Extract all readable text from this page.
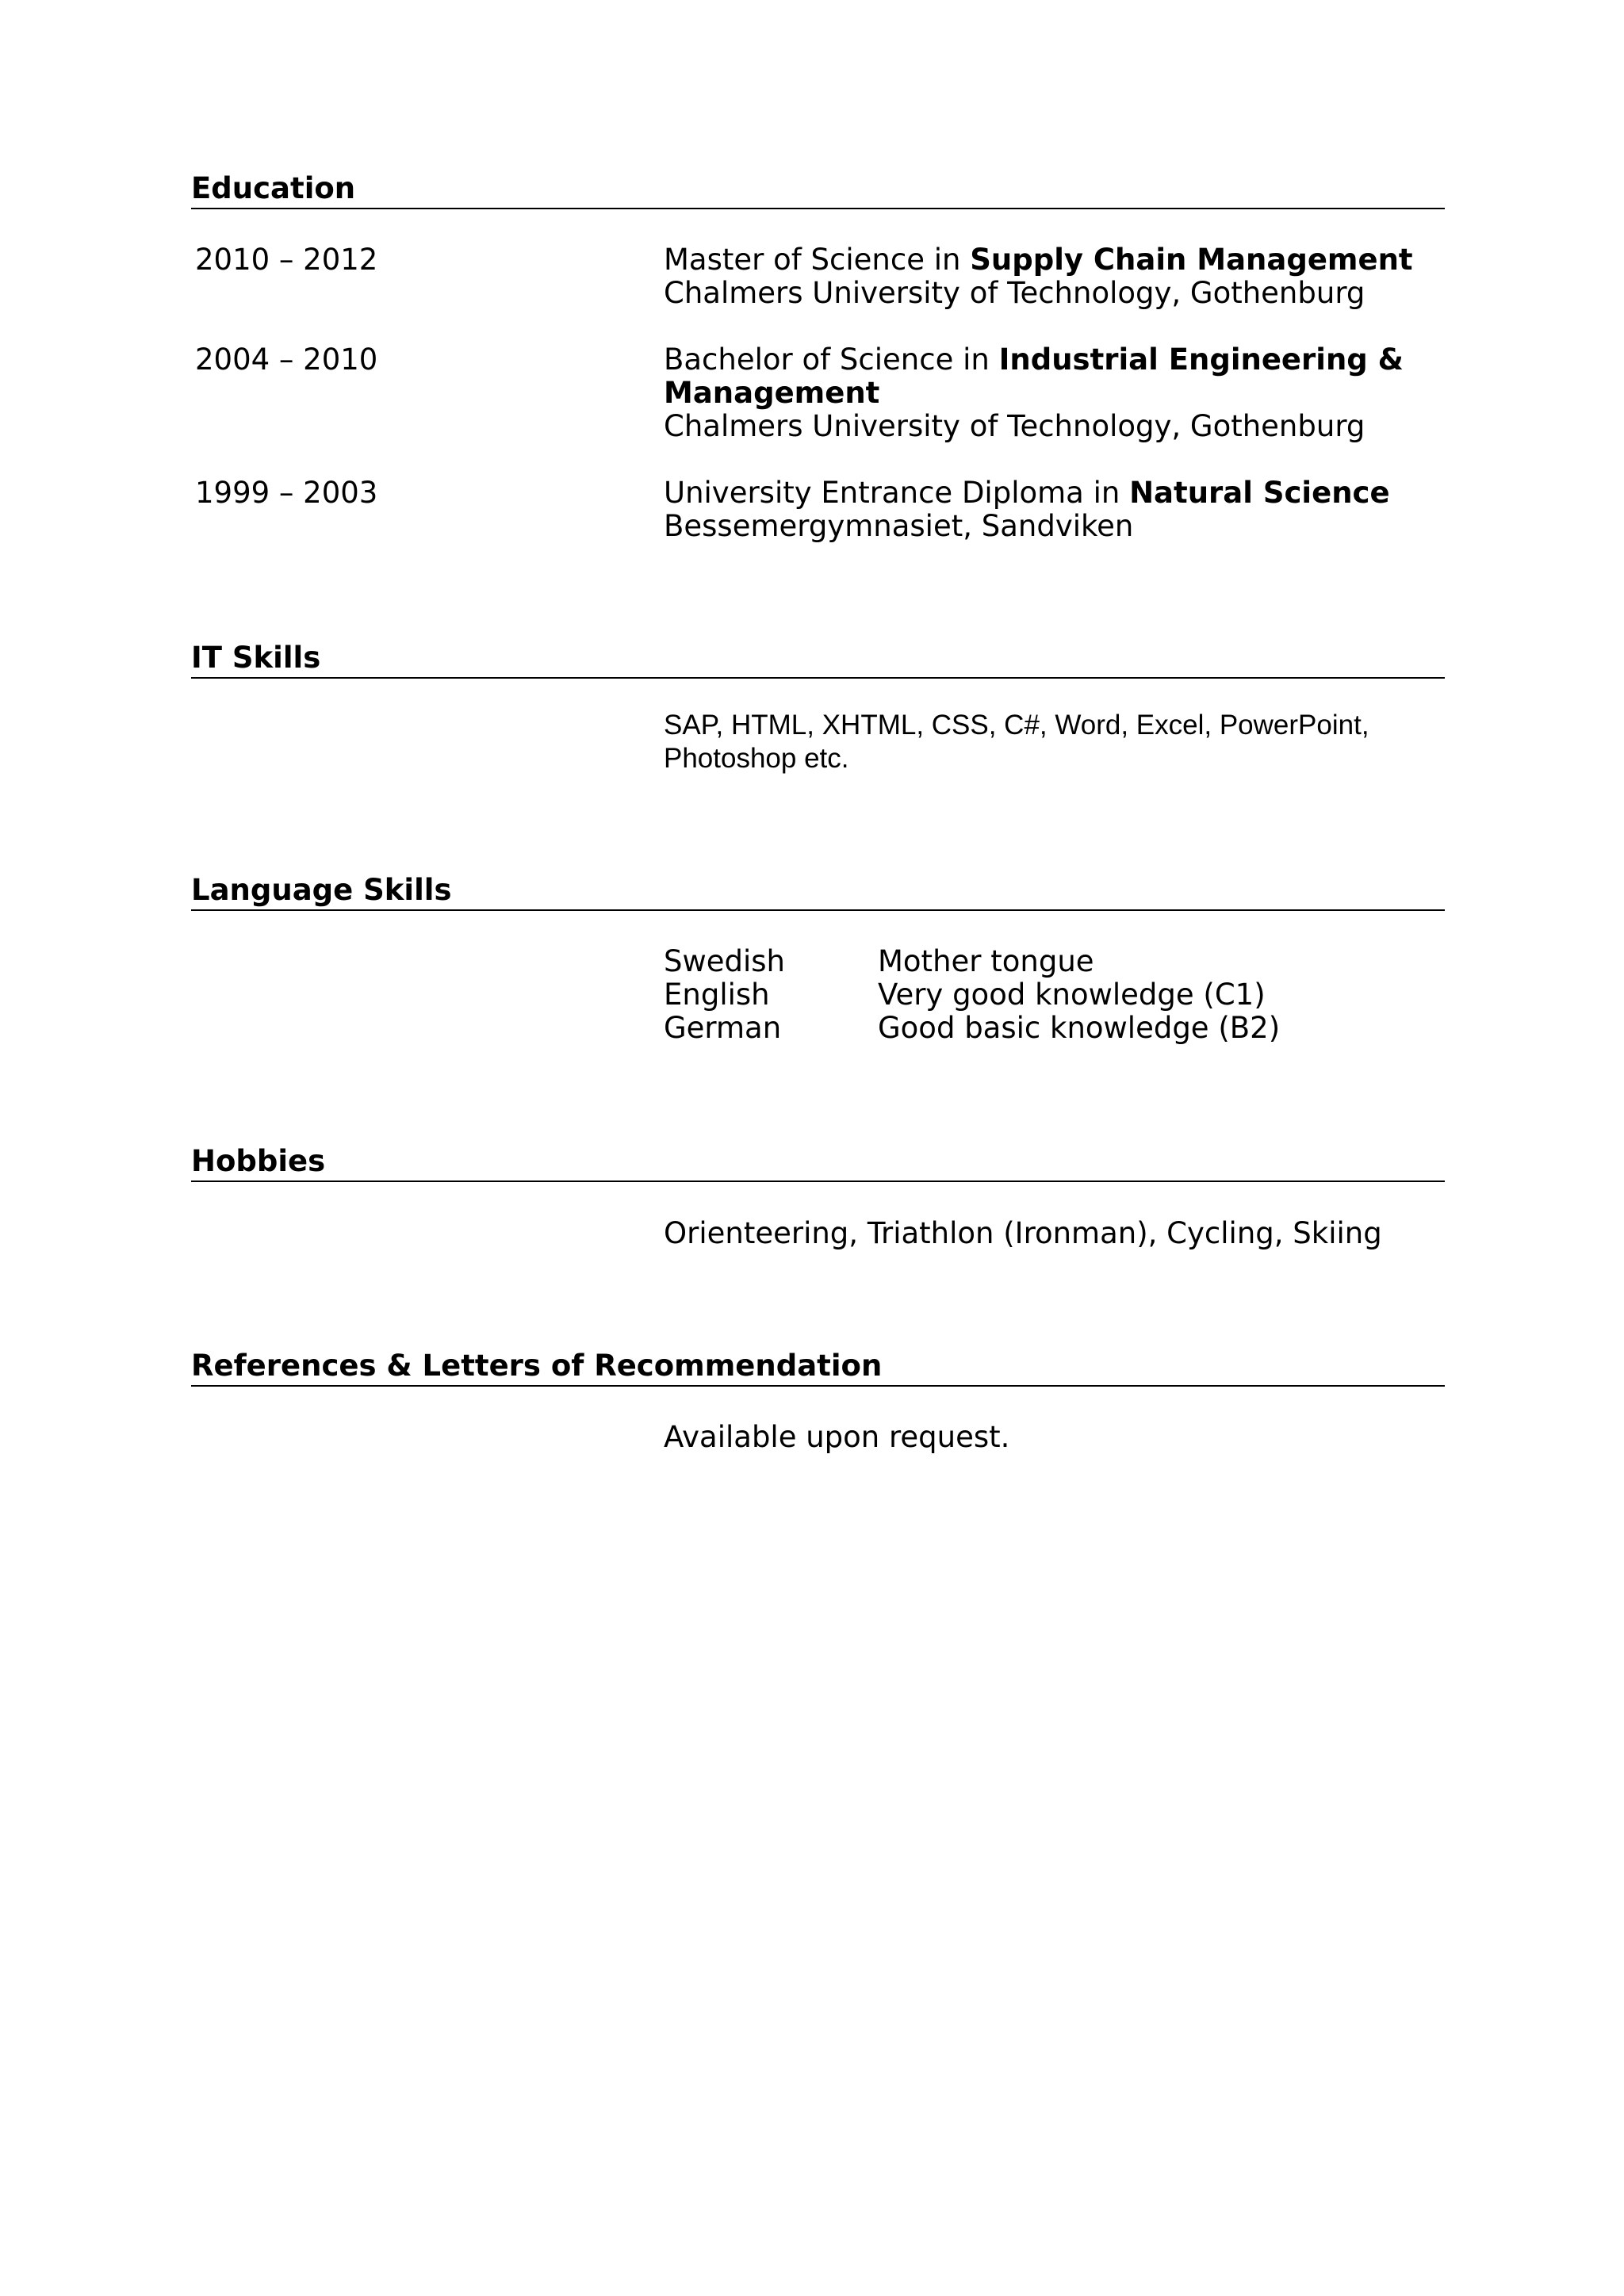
Education
2010 – 2012	Master of Science in Supply Chain Management
Chalmers University of Technology, Gothenburg
2004 – 2010	Bachelor of Science in Industrial Engineering &
Management
Chalmers University of Technology, Gothenburg
1999 – 2003	University Entrance Diploma in Natural Science
Bessemergymnasiet, Sandviken
IT Skills
SAP, HTML, XHTML, CSS, C#, Word, Excel, PowerPoint,
Photoshop etc.
Language Skills
Swedish	Mother tongue
English	Very good knowledge (C1)
German	Good basic knowledge (B2)
Hobbies
Orienteering, Triathlon (Ironman), Cycling, Skiing
References & Letters of Recommendation
Available upon request.
